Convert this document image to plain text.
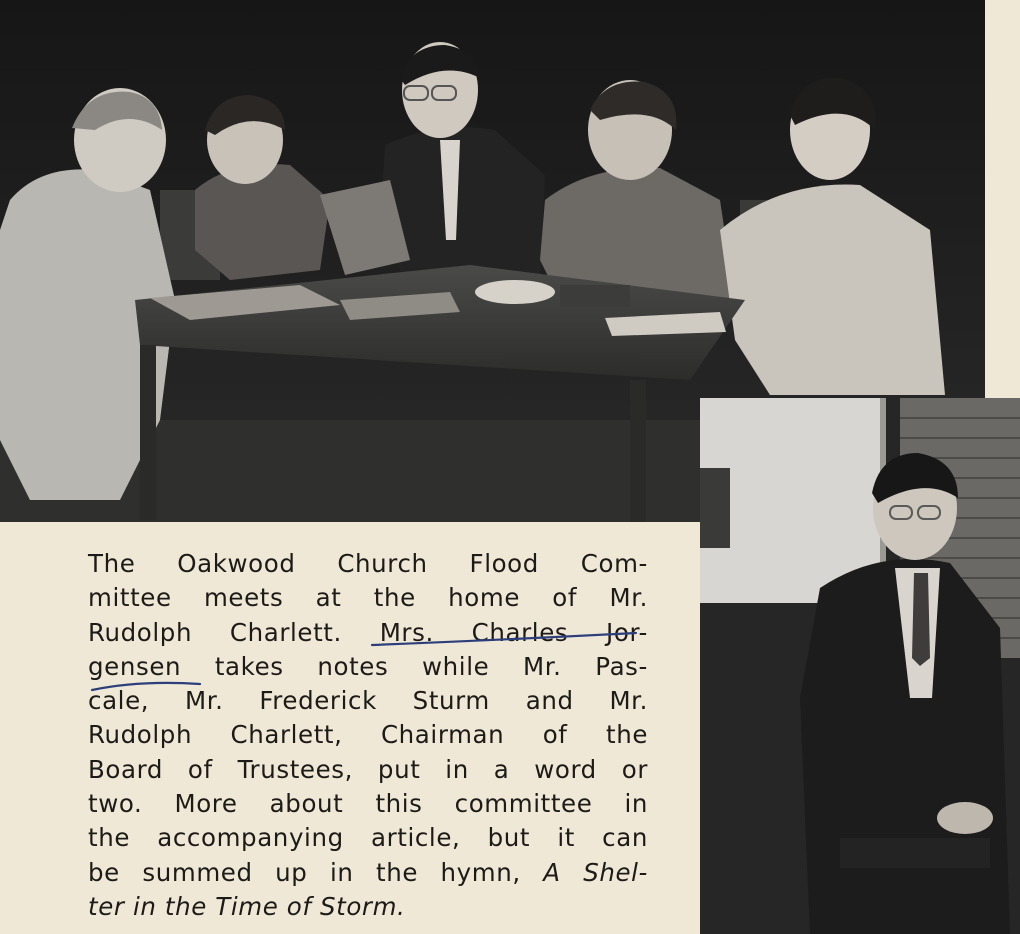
The Oakwood Church Flood Com-
mittee meets at the home of Mr.
Rudolph Charlett. Mrs. Charles Jor-
gensen takes notes while Mr. Pas-
cale, Mr. Frederick Sturm and Mr.
Rudolph Charlett, Chairman of the
Board of Trustees, put in a word or
two. More about this committee in
the accompanying article, but it can
be summed up in the hymn, A Shel-
ter in the Time of Storm.
